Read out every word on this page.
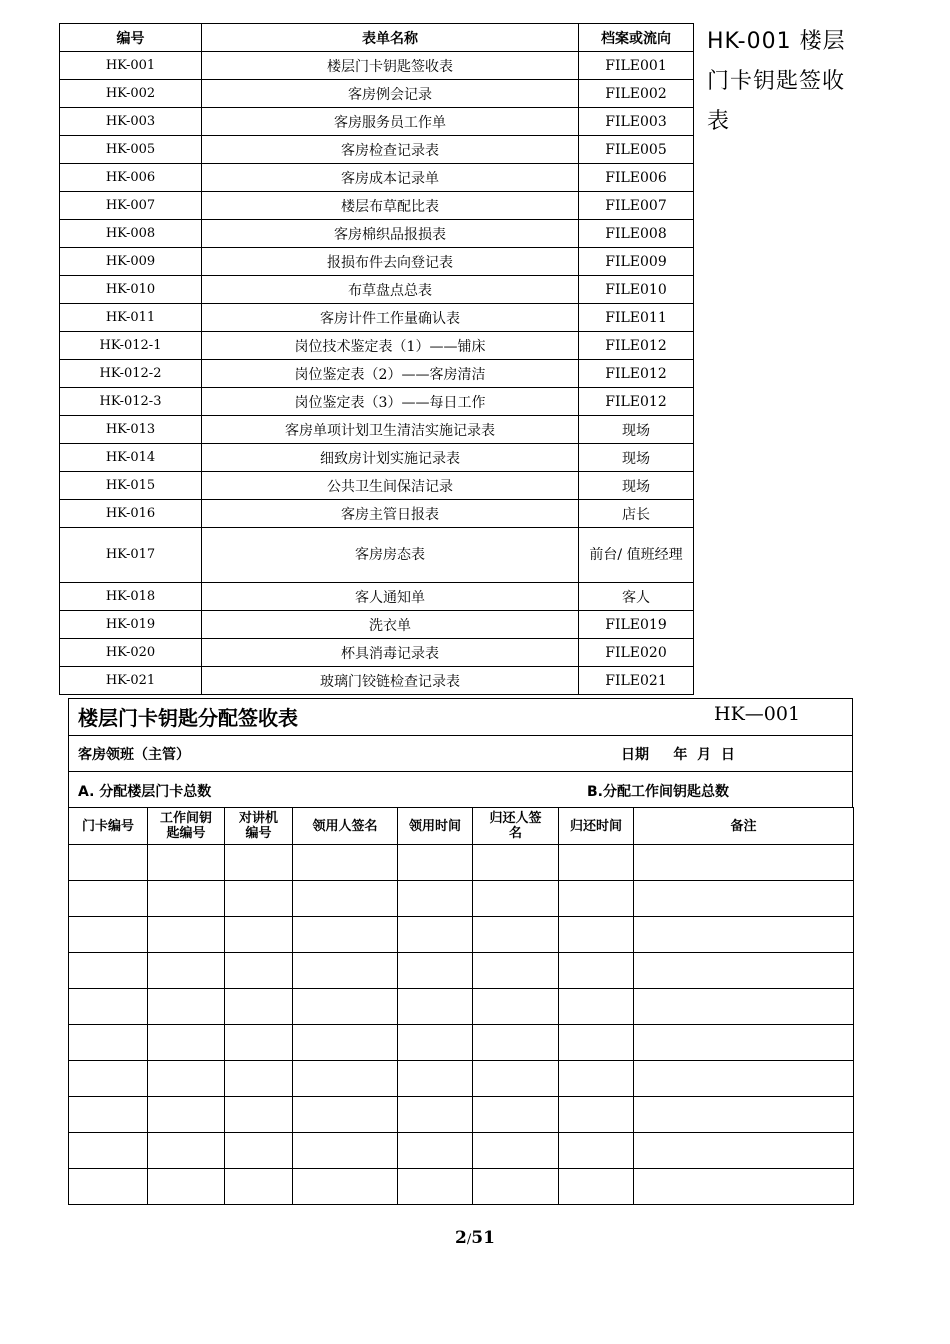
编号	表单名称	档案或流向
HK-001	楼层门卡钥匙签收表	FILE001
HK-002	客房例会记录	FILE002
HK-003	客房服务员工作单	FILE003
HK-005	客房检查记录表	FILE005
HK-006	客房成本记录单	FILE006
HK-007	楼层布草配比表	FILE007
HK-008	客房棉织品报损表	FILE008
HK-009	报损布件去向登记表	FILE009
HK-010	布草盘点总表	FILE010
HK-011	客房计件工作量确认表	FILE011
HK-012-1	岗位技术鉴定表（1）——铺床	FILE012
HK-012-2	岗位鉴定表（2）——客房清洁	FILE012
HK-012-3	岗位鉴定表（3）——每日工作	FILE012
HK-013	客房单项计划卫生清洁实施记录表	现场
HK-014	细致房计划实施记录表	现场
HK-015	公共卫生间保洁记录	现场
HK-016	客房主管日报表	店长
HK-017	客房房态表	前台/ 值班经理
HK-018	客人通知单	客人
HK-019	洗衣单	FILE019
HK-020	杯具消毒记录表	FILE020
HK-021	玻璃门铰链检查记录表	FILE021
HK-001 楼层门卡钥匙签收表
楼层门卡钥匙分配签收表	HK—001
客房领班（主管）	日期     年  月  日
A. 分配楼层门卡总数	B.分配工作间钥匙总数
门卡编号	工作间钥匙编号	对讲机编号	领用人签名	领用时间	归还人签名	归还时间	备注

2/51
